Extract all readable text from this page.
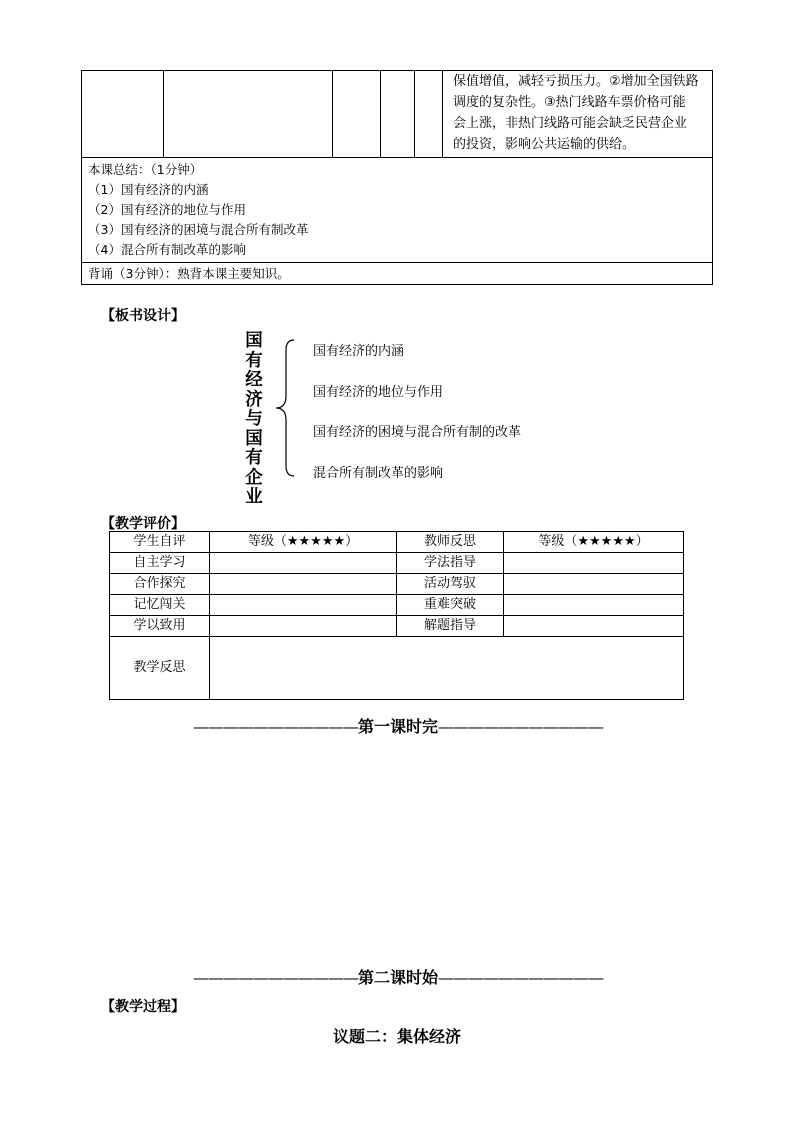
保值增值，减轻亏损压力。②增加全国铁路
调度的复杂性。③热门线路车票价格可能
会上涨，非热门线路可能会缺乏民营企业
的投资，影响公共运输的供给。

本课总结：（1分钟）
（1）国有经济的内涵
（2）国有经济的地位与作用
（3）国有经济的困境与混合所有制改革
（4）混合所有制改革的影响

背诵（3分钟）：熟背本课主要知识。
【板书设计】
国
有
经
济
与
国
有
企
业
国有经济的内涵
国有经济的地位与作用
国有经济的困境与混合所有制的改革
混合所有制改革的影响
【教学评价】
学生自评	等级（★★★★★）	教师反思	等级（★★★★★）
自主学习		学法指导	
合作探究		活动驾驭	
记忆闯关		重难突破	
学以致用		解题指导	
教学反思			
———————————第一课时完———————————
———————————第二课时始———————————
【教学过程】
议题二：集体经济
